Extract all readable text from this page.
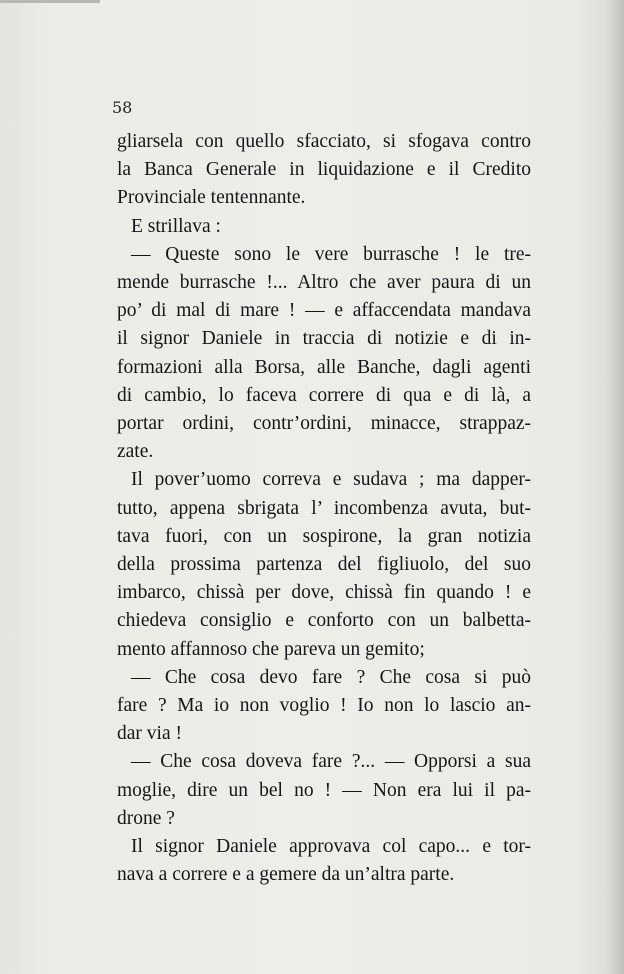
58
gliarsela con quello sfacciato, si sfogava contro
la Banca Generale in liquidazione e il Credito
Provinciale tentennante.
E strillava :
— Queste sono le vere burrasche ! le tre-
mende burrasche !... Altro che aver paura di un
po’ di mal di mare ! — e affaccendata mandava
il signor Daniele in traccia di notizie e di in-
formazioni alla Borsa, alle Banche, dagli agenti
di cambio, lo faceva correre di qua e di là, a
portar ordini, contr’ordini, minacce, strappaz-
zate.
Il pover’uomo correva e sudava ; ma dapper-
tutto, appena sbrigata l’ incombenza avuta, but-
tava fuori, con un sospirone, la gran notizia
della prossima partenza del figliuolo, del suo
imbarco, chissà per dove, chissà fin quando ! e
chiedeva consiglio e conforto con un balbetta-
mento affannoso che pareva un gemito;
— Che cosa devo fare ? Che cosa si può
fare ? Ma io non voglio ! Io non lo lascio an-
dar via !
— Che cosa doveva fare ?... — Opporsi a sua
moglie, dire un bel no ! — Non era lui il pa-
drone ?
Il signor Daniele approvava col capo... e tor-
nava a correre e a gemere da un’altra parte.
